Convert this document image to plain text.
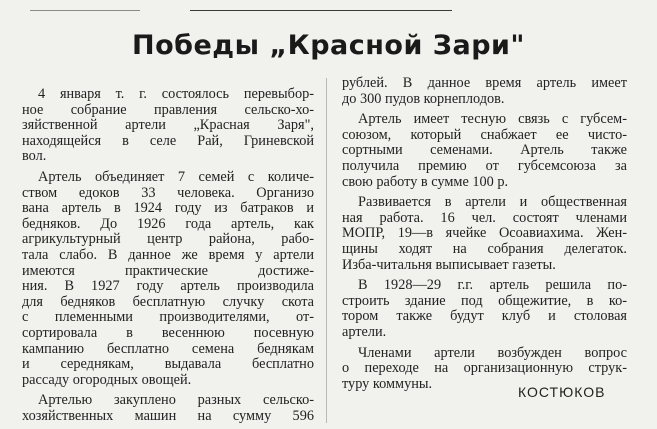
Победы „Красной Зари"
4 января т. г. состоялось перевыбор-
ное собрание правления сельско-хо-
зяйственной артели „Красная Заря",
находящейся в селе Рай, Гриневской
вол.
Артель объединяет 7 семей с количе-
ством едоков 33 человека. Организо
вана артель в 1924 году из батраков и
бедняков. До 1926 года артель, как
агрикультурный центр района, рабо-
тала слабо. В данное же время у артели
имеются практические достиже-
ния. В 1927 году артель производила
для бедняков бесплатную случку скота
с племенными производителями, от-
сортировала в весеннюю посевную
кампанию бесплатно семена беднякам
и середнякам, выдавала бесплатно
рассаду огородных овощей.
Артелью закуплено разных сельско-
хозяйственных машин на сумму 596
рублей. В данное время артель имеет
до 300 пудов корнеплодов.
Артель имеет тесную связь с губсем-
союзом, который снабжает ее чисто-
сортными семенами. Артель также
получила премию от губсемсоюза за
свою работу в сумме 100 р.
Развивается в артели и общественная
ная работа. 16 чел. состоят членами
МОПР, 19—в ячейке Осоавиахима. Жен-
щины ходят на собрания делегаток.
Изба-читальня выписывает газеты.
В 1928—29 г.г. артель решила по-
строить здание под общежитие, в ко-
тором также будут клуб и столовая
артели.
Членами артели возбужден вопрос
о переходе на организационную струк-
туру коммуны.
КОСТЮКОВ
